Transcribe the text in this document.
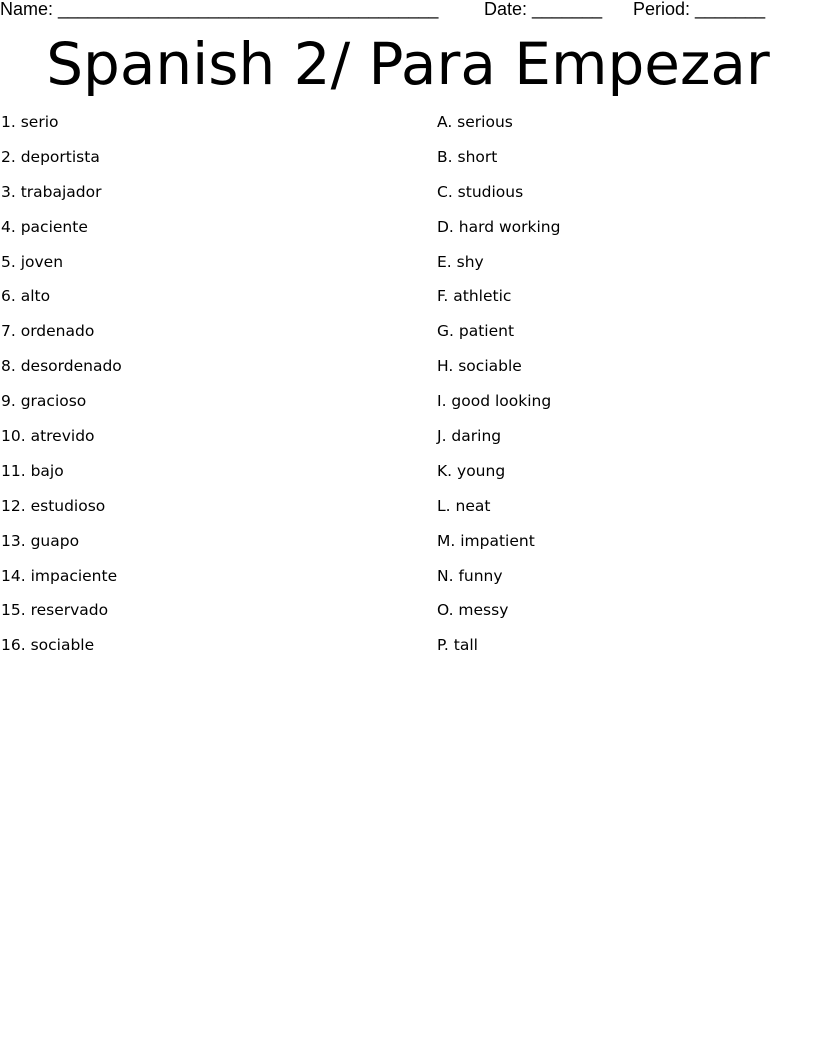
Name: ______________________________________	Date: _______ Period: _______
Spanish 2/ Para Empezar
1. serio
2. deportista
3. trabajador
4. paciente
5. joven
6. alto
7. ordenado
8. desordenado
9. gracioso
10. atrevido
11. bajo
12. estudioso
13. guapo
14. impaciente
15. reservado
16. sociable
A. serious
B. short
C. studious
D. hard working
E. shy
F. athletic
G. patient
H. sociable
I. good looking
J. daring
K. young
L. neat
M. impatient
N. funny
O. messy
P. tall
